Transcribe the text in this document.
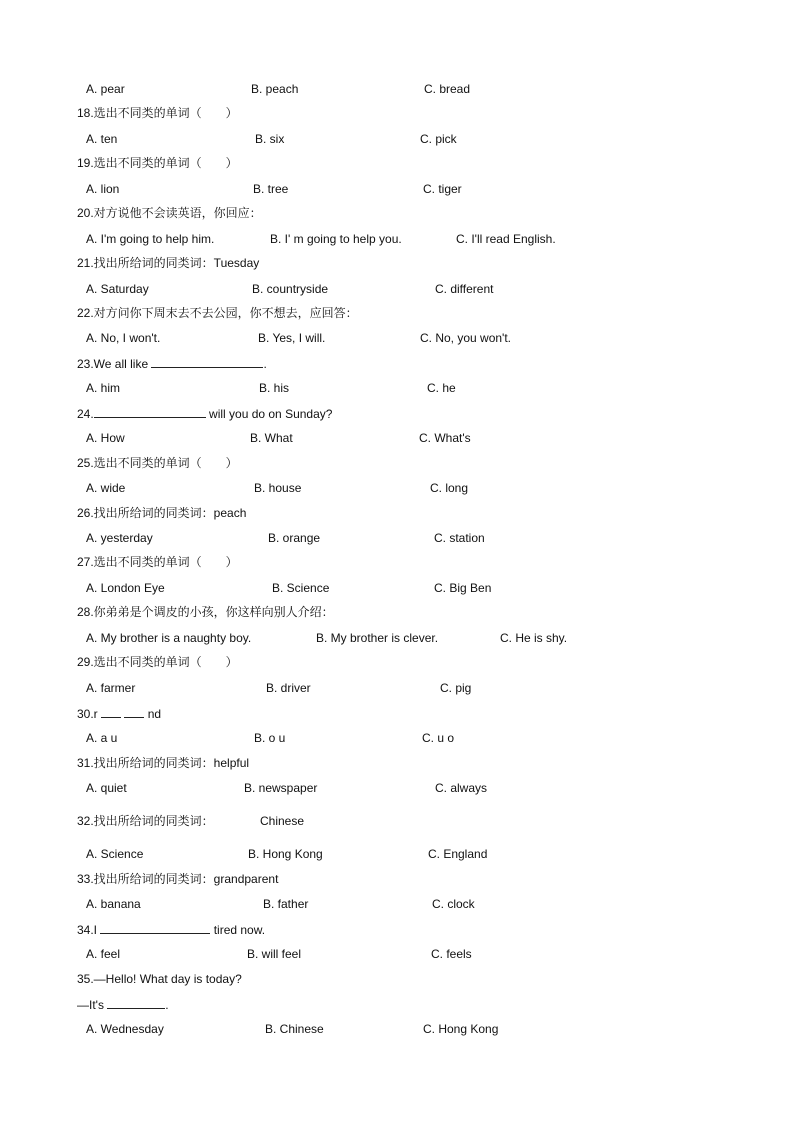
A. pear	B. peach	C. bread
18.选出不同类的单词（　　）
A. ten	B. six	C. pick
19.选出不同类的单词（　　）
A. lion	B. tree	C. tiger
20.对方说他不会读英语，你回应：
A. I'm going to help him.	B. I' m going to help you.	C. I'll read English.
21.找出所给词的同类词：Tuesday
A. Saturday	B. countryside	C. different
22.对方问你下周末去不去公园，你不想去，应回答：
A. No, I won't.	B. Yes, I will.	C. No, you won't.
23.We all like	.
A. him	B. his	C. he
24.	will you do on Sunday?
A. How	B. What	C. What's
25.选出不同类的单词（　　）
A. wide	B. house	C. long
26.找出所给词的同类词：peach
A. yesterday	B. orange	C. station
27.选出不同类的单词（　　）
A. London Eye	B. Science	C. Big Ben
28.你弟弟是个调皮的小孩，你这样向别人介绍：
A. My brother is a naughty boy.	B. My brother is clever.	C. He is shy.
29.选出不同类的单词（　　）
A. farmer	B. driver	C. pig
30.r	nd
A. a u	B. o u	C. u o
31.找出所给词的同类词：helpful
A. quiet	B. newspaper	C. always
32.找出所给词的同类词：	Chinese
A. Science	B. Hong Kong	C. England
33.找出所给词的同类词：grandparent
A. banana	B. father	C. clock
34.I	tired now.
A. feel	B. will feel	C. feels
35.—Hello! What day is today?
—It's	.
A. Wednesday	B. Chinese	C. Hong Kong
